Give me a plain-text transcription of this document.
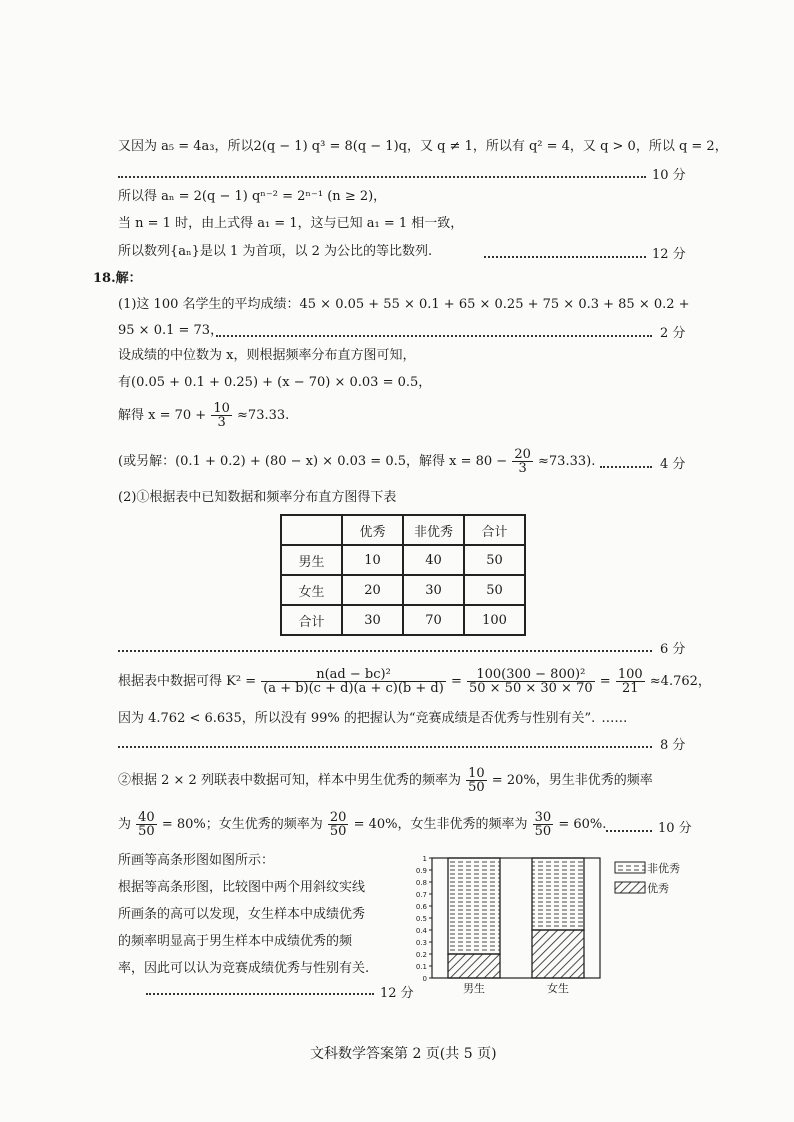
又因为 a₅ = 4a₃，所以2(q − 1) q³ = 8(q − 1)q，又 q ≠ 1，所以有 q² = 4，又 q > 0，所以 q = 2，
10 分
所以得 aₙ = 2(q − 1) qⁿ⁻² = 2ⁿ⁻¹ (n ≥ 2)，
当 n = 1 时，由上式得 a₁ = 1，这与已知 a₁ = 1 相一致，
所以数列{aₙ}是以 1 为首项，以 2 为公比的等比数列.	12 分
18.解：
(1)这 100 名学生的平均成绩：45 × 0.05 + 55 × 0.1 + 65 × 0.25 + 75 × 0.3 + 85 × 0.2 +
95 × 0.1 = 73，	2 分
设成绩的中位数为 x，则根据频率分布直方图可知，
有(0.05 + 0.1 + 0.25) + (x − 70) × 0.03 = 0.5，
解得 $x = 70 + \frac{10}{3} \approx 73.33$.
(或另解：(0.1 + 0.2) + (80 − x) × 0.03 = 0.5，解得 $x = 80 - \frac{20}{3} \approx 73.33$).	4 分
(2)①根据表中已知数据和频率分布直方图得下表
	优秀	非优秀	合计
男生	10	40	50
女生	20	30	50
合计	30	70	100
6 分
根据表中数据可得 $K^2 = \frac{\text{n(ad − bc)²}}{(a + b)(c + d)(a + c)(b + d)} = \frac{\text{100(300 − 800)²}}{50 \times 50 \times 30 \times 70} = \frac{100}{21} \approx 4.762$，
因为 4.762 < 6.635，所以没有 99% 的把握认为“竞赛成绩是否优秀与性别有关”. ……
8 分
②根据 2 × 2 列联表中数据可知，样本中男生优秀的频率为 $\frac{10}{50} = 20\%$，男生非优秀的频率
为 $\frac{40}{50} = 80\%$；女生优秀的频率为 $\frac{20}{50} = 40\%$，女生非优秀的频率为 $\frac{30}{50} = 60\%$.	10 分
所画等高条形图如图所示：
根据等高条形图，比较图中两个用斜纹实线
所画条的高可以发现，女生样本中成绩优秀
的频率明显高于男生样本中成绩优秀的频
率，因此可以认为竞赛成绩优秀与性别有关.
12 分
0
0.1
0.2
0.3
0.4
0.5
0.6
0.7
0.8
0.9
1
男生	女生
非优秀
优秀
文科数学答案第 2 页(共 5 页)
